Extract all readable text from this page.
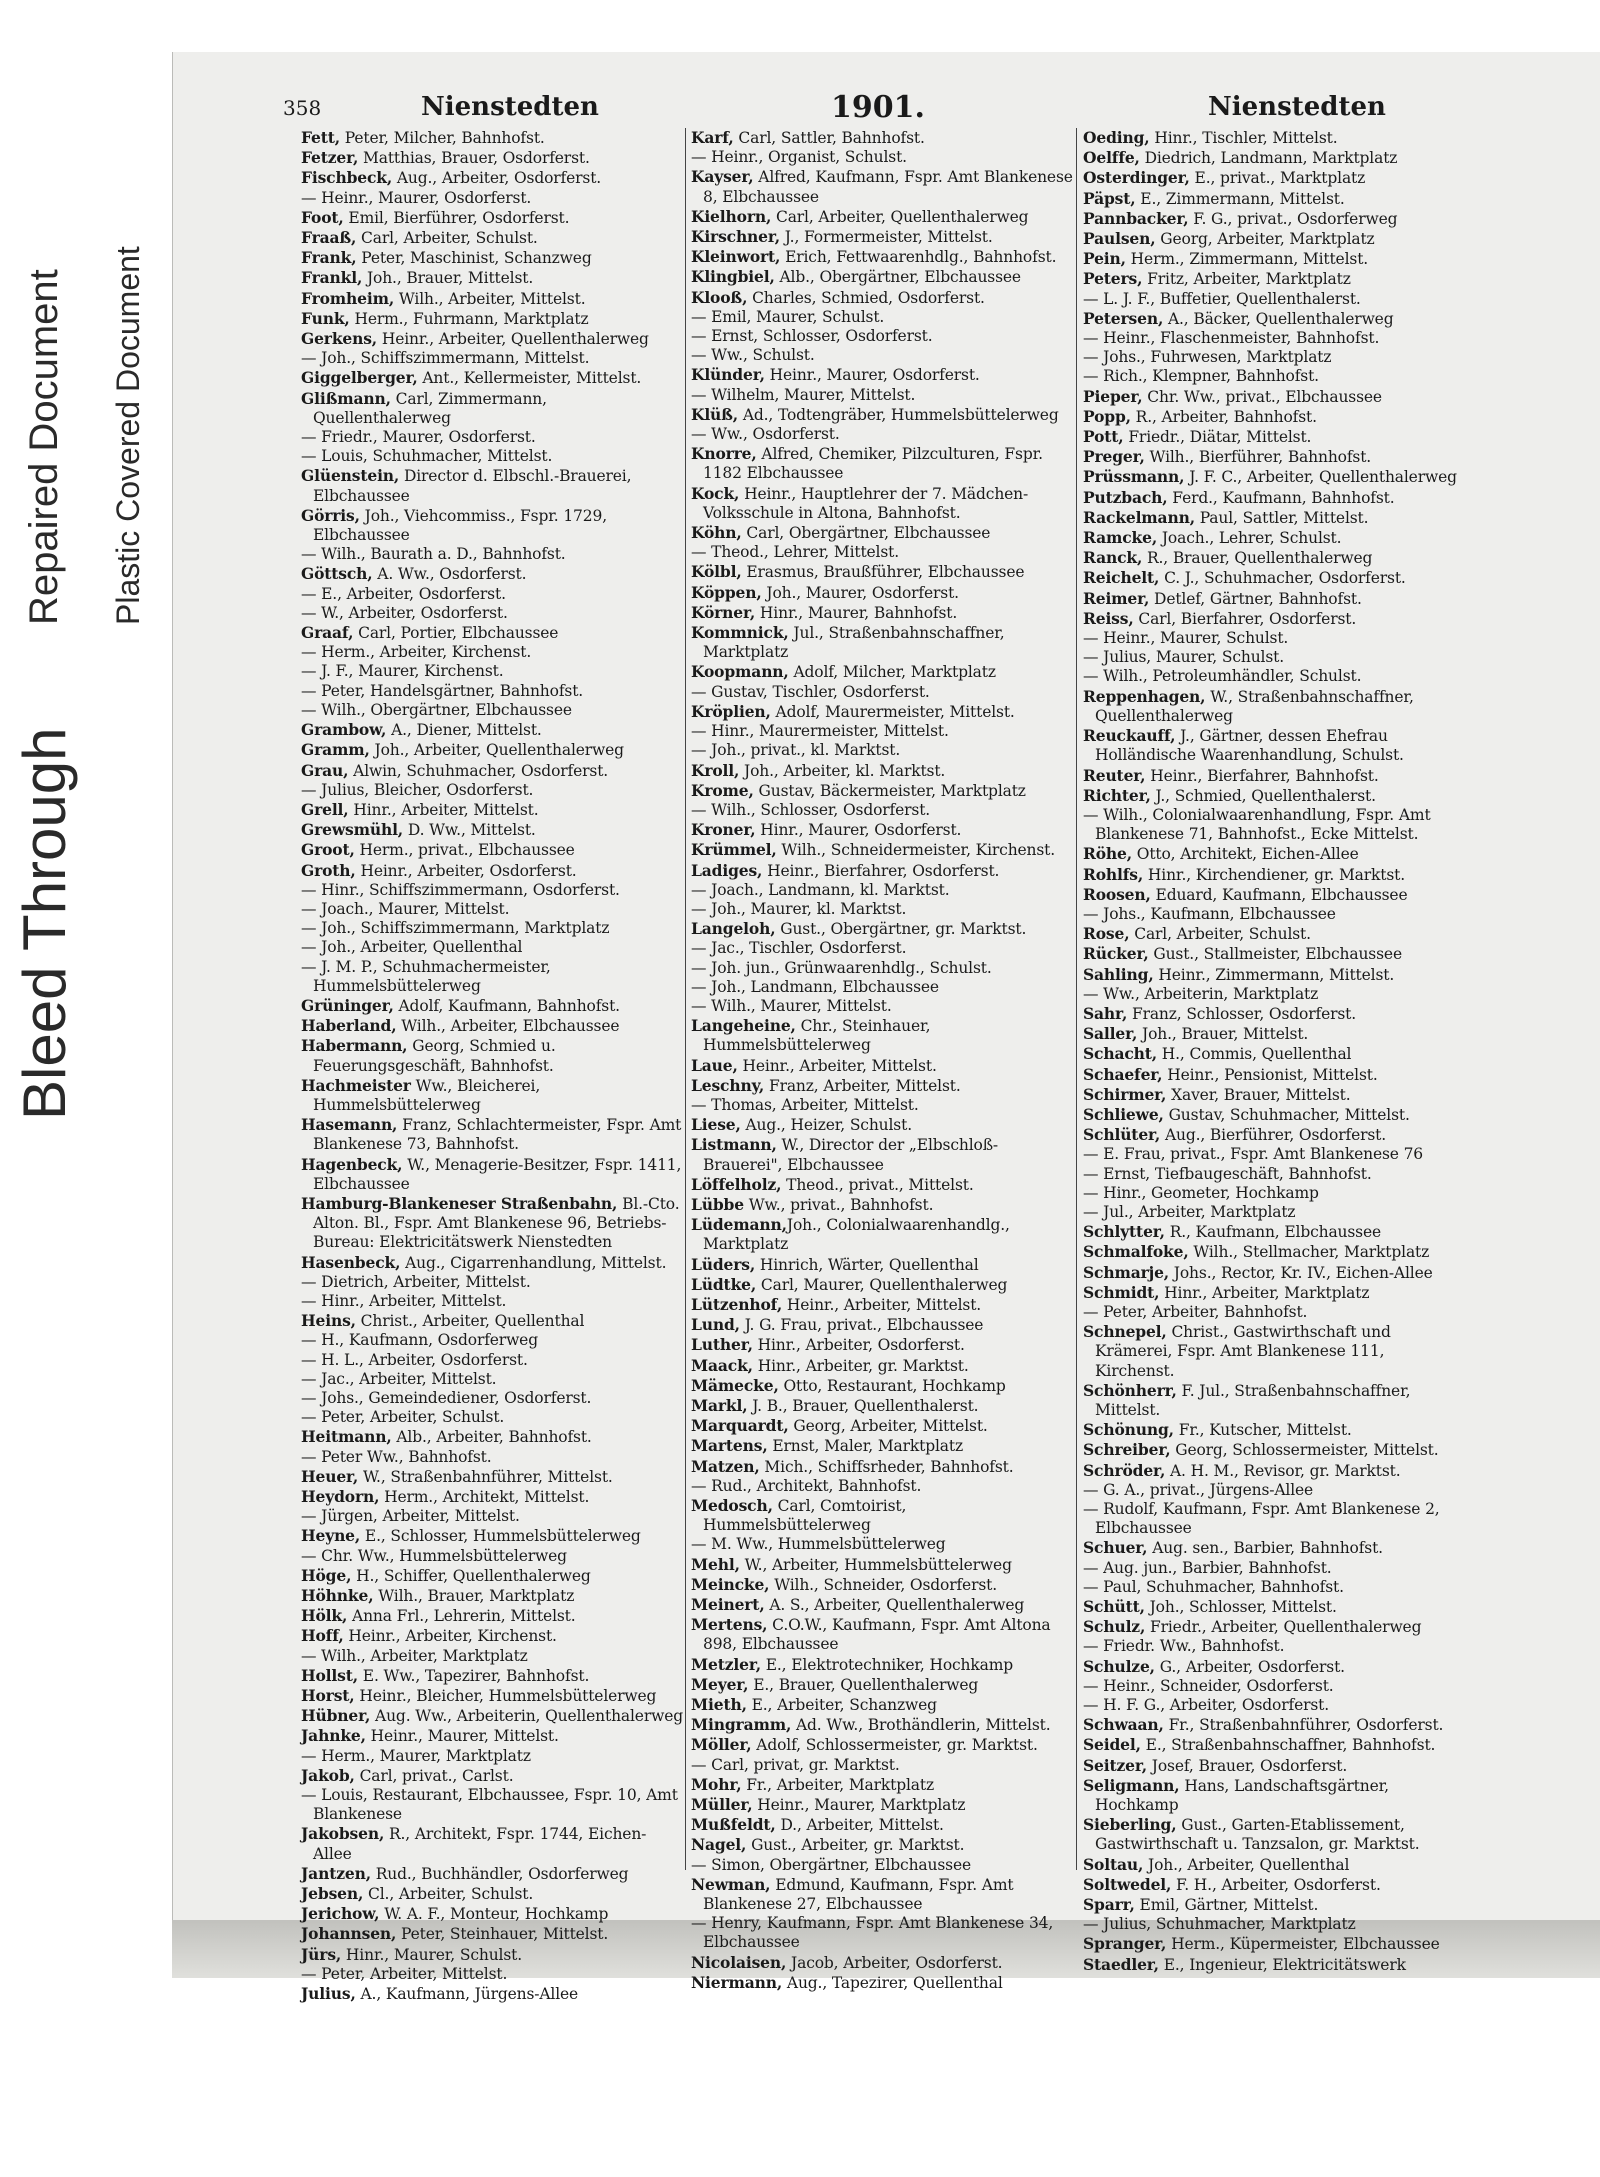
Bleed Through
Repaired Document Plastic Covered Document
358	Nienstedten	1901.	Nienstedten
Fett, Peter, Milcher, Bahnhofst.
Fetzer, Matthias, Brauer, Osdorferst.
Fischbeck, Aug., Arbeiter, Osdorferst.
— Heinr., Maurer, Osdorferst.
Foot, Emil, Bierführer, Osdorferst.
Fraaß, Carl, Arbeiter, Schulst.
Frank, Peter, Maschinist, Schanzweg
Frankl, Joh., Brauer, Mittelst.
Fromheim, Wilh., Arbeiter, Mittelst.
Funk, Herm., Fuhrmann, Marktplatz
Gerkens, Heinr., Arbeiter, Quellenthalerweg
— Joh., Schiffszimmermann, Mittelst.
Giggelberger, Ant., Kellermeister, Mittelst.
Glißmann, Carl, Zimmermann, Quellenthalerweg
— Friedr., Maurer, Osdorferst.
— Louis, Schuhmacher, Mittelst.
Glüenstein, Director d. Elbschl.-Brauerei, Elbchaussee
Görris, Joh., Viehcommiss., Fspr. 1729, Elbchaussee
— Wilh., Baurath a. D., Bahnhofst.
Göttsch, A. Ww., Osdorferst.
— E., Arbeiter, Osdorferst.
— W., Arbeiter, Osdorferst.
Graaf, Carl, Portier, Elbchaussee
— Herm., Arbeiter, Kirchenst.
— J. F., Maurer, Kirchenst.
— Peter, Handelsgärtner, Bahnhofst.
— Wilh., Obergärtner, Elbchaussee
Grambow, A., Diener, Mittelst.
Gramm, Joh., Arbeiter, Quellenthalerweg
Grau, Alwin, Schuhmacher, Osdorferst.
— Julius, Bleicher, Osdorferst.
Grell, Hinr., Arbeiter, Mittelst.
Grewsmühl, D. Ww., Mittelst.
Groot, Herm., privat., Elbchaussee
Groth, Heinr., Arbeiter, Osdorferst.
— Hinr., Schiffszimmermann, Osdorferst.
— Joach., Maurer, Mittelst.
— Joh., Schiffszimmermann, Marktplatz
— Joh., Arbeiter, Quellenthal
— J. M. P., Schuhmachermeister, Hummelsbüttelerweg
Grüninger, Adolf, Kaufmann, Bahnhofst.
Haberland, Wilh., Arbeiter, Elbchaussee
Habermann, Georg, Schmied u. Feuerungsgeschäft, Bahnhofst.
Hachmeister Ww., Bleicherei, Hummelsbüttelerweg
Hasemann, Franz, Schlachtermeister, Fspr. Amt Blankenese 73, Bahnhofst.
Hagenbeck, W., Menagerie-Besitzer, Fspr. 1411, Elbchaussee
Hamburg-Blankeneser Straßenbahn, Bl.-Cto. Alton. Bl., Fspr. Amt Blankenese 96, Betriebs-Bureau: Elektricitätswerk Nienstedten
Hasenbeck, Aug., Cigarrenhandlung, Mittelst.
— Dietrich, Arbeiter, Mittelst.
— Hinr., Arbeiter, Mittelst.
Heins, Christ., Arbeiter, Quellenthal
— H., Kaufmann, Osdorferweg
— H. L., Arbeiter, Osdorferst.
— Jac., Arbeiter, Mittelst.
— Johs., Gemeindediener, Osdorferst.
— Peter, Arbeiter, Schulst.
Heitmann, Alb., Arbeiter, Bahnhofst.
— Peter Ww., Bahnhofst.
Heuer, W., Straßenbahnführer, Mittelst.
Heydorn, Herm., Architekt, Mittelst.
— Jürgen, Arbeiter, Mittelst.
Heyne, E., Schlosser, Hummelsbüttelerweg
— Chr. Ww., Hummelsbüttelerweg
Höge, H., Schiffer, Quellenthalerweg
Höhnke, Wilh., Brauer, Marktplatz
Hölk, Anna Frl., Lehrerin, Mittelst.
Hoff, Heinr., Arbeiter, Kirchenst.
— Wilh., Arbeiter, Marktplatz
Hollst, E. Ww., Tapezirer, Bahnhofst.
Horst, Heinr., Bleicher, Hummelsbüttelerweg
Hübner, Aug. Ww., Arbeiterin, Quellenthalerweg
Jahnke, Heinr., Maurer, Mittelst.
— Herm., Maurer, Marktplatz
Jakob, Carl, privat., Carlst.
— Louis, Restaurant, Elbchaussee, Fspr. 10, Amt Blankenese
Jakobsen, R., Architekt, Fspr. 1744, Eichen-Allee
Jantzen, Rud., Buchhändler, Osdorferweg
Jebsen, Cl., Arbeiter, Schulst.
Jerichow, W. A. F., Monteur, Hochkamp
Johannsen, Peter, Steinhauer, Mittelst.
Jürs, Hinr., Maurer, Schulst.
— Peter, Arbeiter, Mittelst.
Julius, A., Kaufmann, Jürgens-Allee
Karf, Carl, Sattler, Bahnhofst.
— Heinr., Organist, Schulst.
Kayser, Alfred, Kaufmann, Fspr. Amt Blankenese 8, Elbchaussee
Kielhorn, Carl, Arbeiter, Quellenthalerweg
Kirschner, J., Formermeister, Mittelst.
Kleinwort, Erich, Fettwaarenhdlg., Bahnhofst.
Klingbiel, Alb., Obergärtner, Elbchaussee
Klooß, Charles, Schmied, Osdorferst.
— Emil, Maurer, Schulst.
— Ernst, Schlosser, Osdorferst.
— Ww., Schulst.
Klünder, Heinr., Maurer, Osdorferst.
— Wilhelm, Maurer, Mittelst.
Klüß, Ad., Todtengräber, Hummelsbüttelerweg
— Ww., Osdorferst.
Knorre, Alfred, Chemiker, Pilzculturen, Fspr. 1182 Elbchaussee
Kock, Heinr., Hauptlehrer der 7. Mädchen-Volksschule in Altona, Bahnhofst.
Köhn, Carl, Obergärtner, Elbchaussee
— Theod., Lehrer, Mittelst.
Kölbl, Erasmus, Braußführer, Elbchaussee
Köppen, Joh., Maurer, Osdorferst.
Körner, Hinr., Maurer, Bahnhofst.
Kommnick, Jul., Straßenbahnschaffner, Marktplatz
Koopmann, Adolf, Milcher, Marktplatz
— Gustav, Tischler, Osdorferst.
Kröplien, Adolf, Maurermeister, Mittelst.
— Hinr., Maurermeister, Mittelst.
— Joh., privat., kl. Marktst.
Kroll, Joh., Arbeiter, kl. Marktst.
Krome, Gustav, Bäckermeister, Marktplatz
— Wilh., Schlosser, Osdorferst.
Kroner, Hinr., Maurer, Osdorferst.
Krümmel, Wilh., Schneidermeister, Kirchenst.
Ladiges, Heinr., Bierfahrer, Osdorferst.
— Joach., Landmann, kl. Marktst.
— Joh., Maurer, kl. Marktst.
Langeloh, Gust., Obergärtner, gr. Marktst.
— Jac., Tischler, Osdorferst.
— Joh. jun., Grünwaarenhdlg., Schulst.
— Joh., Landmann, Elbchaussee
— Wilh., Maurer, Mittelst.
Langeheine, Chr., Steinhauer, Hummelsbüttelerweg
Laue, Heinr., Arbeiter, Mittelst.
Leschny, Franz, Arbeiter, Mittelst.
— Thomas, Arbeiter, Mittelst.
Liese, Aug., Heizer, Schulst.
Listmann, W., Director der „Elbschloß-Brauerei", Elbchaussee
Löffelholz, Theod., privat., Mittelst.
Lübbe Ww., privat., Bahnhofst.
Lüdemann,Joh., Colonialwaarenhandlg., Marktplatz
Lüders, Hinrich, Wärter, Quellenthal
Lüdtke, Carl, Maurer, Quellenthalerweg
Lützenhof, Heinr., Arbeiter, Mittelst.
Lund, J. G. Frau, privat., Elbchaussee
Luther, Hinr., Arbeiter, Osdorferst.
Maack, Hinr., Arbeiter, gr. Marktst.
Mämecke, Otto, Restaurant, Hochkamp
Markl, J. B., Brauer, Quellenthalerst.
Marquardt, Georg, Arbeiter, Mittelst.
Martens, Ernst, Maler, Marktplatz
Matzen, Mich., Schiffsrheder, Bahnhofst.
— Rud., Architekt, Bahnhofst.
Medosch, Carl, Comtoirist, Hummelsbüttelerweg
— M. Ww., Hummelsbüttelerweg
Mehl, W., Arbeiter, Hummelsbüttelerweg
Meincke, Wilh., Schneider, Osdorferst.
Meinert, A. S., Arbeiter, Quellenthalerweg
Mertens, C.O.W., Kaufmann, Fspr. Amt Altona 898, Elbchaussee
Metzler, E., Elektrotechniker, Hochkamp
Meyer, E., Brauer, Quellenthalerweg
Mieth, E., Arbeiter, Schanzweg
Mingramm, Ad. Ww., Brothändlerin, Mittelst.
Möller, Adolf, Schlossermeister, gr. Marktst.
— Carl, privat, gr. Marktst.
Mohr, Fr., Arbeiter, Marktplatz
Müller, Heinr., Maurer, Marktplatz
Mußfeldt, D., Arbeiter, Mittelst.
Nagel, Gust., Arbeiter, gr. Marktst.
— Simon, Obergärtner, Elbchaussee
Newman, Edmund, Kaufmann, Fspr. Amt Blankenese 27, Elbchaussee
— Henry, Kaufmann, Fspr. Amt Blankenese 34, Elbchaussee
Nicolaisen, Jacob, Arbeiter, Osdorferst.
Niermann, Aug., Tapezirer, Quellenthal
Oeding, Hinr., Tischler, Mittelst.
Oelffe, Diedrich, Landmann, Marktplatz
Osterdinger, E., privat., Marktplatz
Päpst, E., Zimmermann, Mittelst.
Pannbacker, F. G., privat., Osdorferweg
Paulsen, Georg, Arbeiter, Marktplatz
Pein, Herm., Zimmermann, Mittelst.
Peters, Fritz, Arbeiter, Marktplatz
— L. J. F., Buffetier, Quellenthalerst.
Petersen, A., Bäcker, Quellenthalerweg
— Heinr., Flaschenmeister, Bahnhofst.
— Johs., Fuhrwesen, Marktplatz
— Rich., Klempner, Bahnhofst.
Pieper, Chr. Ww., privat., Elbchaussee
Popp, R., Arbeiter, Bahnhofst.
Pott, Friedr., Diätar, Mittelst.
Preger, Wilh., Bierführer, Bahnhofst.
Prüssmann, J. F. C., Arbeiter, Quellenthalerweg
Putzbach, Ferd., Kaufmann, Bahnhofst.
Rackelmann, Paul, Sattler, Mittelst.
Ramcke, Joach., Lehrer, Schulst.
Ranck, R., Brauer, Quellenthalerweg
Reichelt, C. J., Schuhmacher, Osdorferst.
Reimer, Detlef, Gärtner, Bahnhofst.
Reiss, Carl, Bierfahrer, Osdorferst.
— Heinr., Maurer, Schulst.
— Julius, Maurer, Schulst.
— Wilh., Petroleumhändler, Schulst.
Reppenhagen, W., Straßenbahnschaffner, Quellenthalerweg
Reuckauff, J., Gärtner, dessen Ehefrau Holländische Waarenhandlung, Schulst.
Reuter, Heinr., Bierfahrer, Bahnhofst.
Richter, J., Schmied, Quellenthalerst.
— Wilh., Colonialwaarenhandlung, Fspr. Amt Blankenese 71, Bahnhofst., Ecke Mittelst.
Röhe, Otto, Architekt, Eichen-Allee
Rohlfs, Hinr., Kirchendiener, gr. Marktst.
Roosen, Eduard, Kaufmann, Elbchaussee
— Johs., Kaufmann, Elbchaussee
Rose, Carl, Arbeiter, Schulst.
Rücker, Gust., Stallmeister, Elbchaussee
Sahling, Heinr., Zimmermann, Mittelst.
— Ww., Arbeiterin, Marktplatz
Sahr, Franz, Schlosser, Osdorferst.
Saller, Joh., Brauer, Mittelst.
Schacht, H., Commis, Quellenthal
Schaefer, Heinr., Pensionist, Mittelst.
Schirmer, Xaver, Brauer, Mittelst.
Schliewe, Gustav, Schuhmacher, Mittelst.
Schlüter, Aug., Bierführer, Osdorferst.
— E. Frau, privat., Fspr. Amt Blankenese 76
— Ernst, Tiefbaugeschäft, Bahnhofst.
— Hinr., Geometer, Hochkamp
— Jul., Arbeiter, Marktplatz
Schlytter, R., Kaufmann, Elbchaussee
Schmalfoke, Wilh., Stellmacher, Marktplatz
Schmarje, Johs., Rector, Kr. IV., Eichen-Allee
Schmidt, Hinr., Arbeiter, Marktplatz
— Peter, Arbeiter, Bahnhofst.
Schnepel, Christ., Gastwirthschaft und Krämerei, Fspr. Amt Blankenese 111, Kirchenst.
Schönherr, F. Jul., Straßenbahnschaffner, Mittelst.
Schönung, Fr., Kutscher, Mittelst.
Schreiber, Georg, Schlossermeister, Mittelst.
Schröder, A. H. M., Revisor, gr. Marktst.
— G. A., privat., Jürgens-Allee
— Rudolf, Kaufmann, Fspr. Amt Blankenese 2, Elbchaussee
Schuer, Aug. sen., Barbier, Bahnhofst.
— Aug. jun., Barbier, Bahnhofst.
— Paul, Schuhmacher, Bahnhofst.
Schütt, Joh., Schlosser, Mittelst.
Schulz, Friedr., Arbeiter, Quellenthalerweg
— Friedr. Ww., Bahnhofst.
Schulze, G., Arbeiter, Osdorferst.
— Heinr., Schneider, Osdorferst.
— H. F. G., Arbeiter, Osdorferst.
Schwaan, Fr., Straßenbahnführer, Osdorferst.
Seidel, E., Straßenbahnschaffner, Bahnhofst.
Seitzer, Josef, Brauer, Osdorferst.
Seligmann, Hans, Landschaftsgärtner, Hochkamp
Sieberling, Gust., Garten-Etablissement, Gastwirthschaft u. Tanzsalon, gr. Marktst.
Soltau, Joh., Arbeiter, Quellenthal
Soltwedel, F. H., Arbeiter, Osdorferst.
Sparr, Emil, Gärtner, Mittelst.
— Julius, Schuhmacher, Marktplatz
Spranger, Herm., Küpermeister, Elbchaussee
Staedler, E., Ingenieur, Elektricitätswerk
